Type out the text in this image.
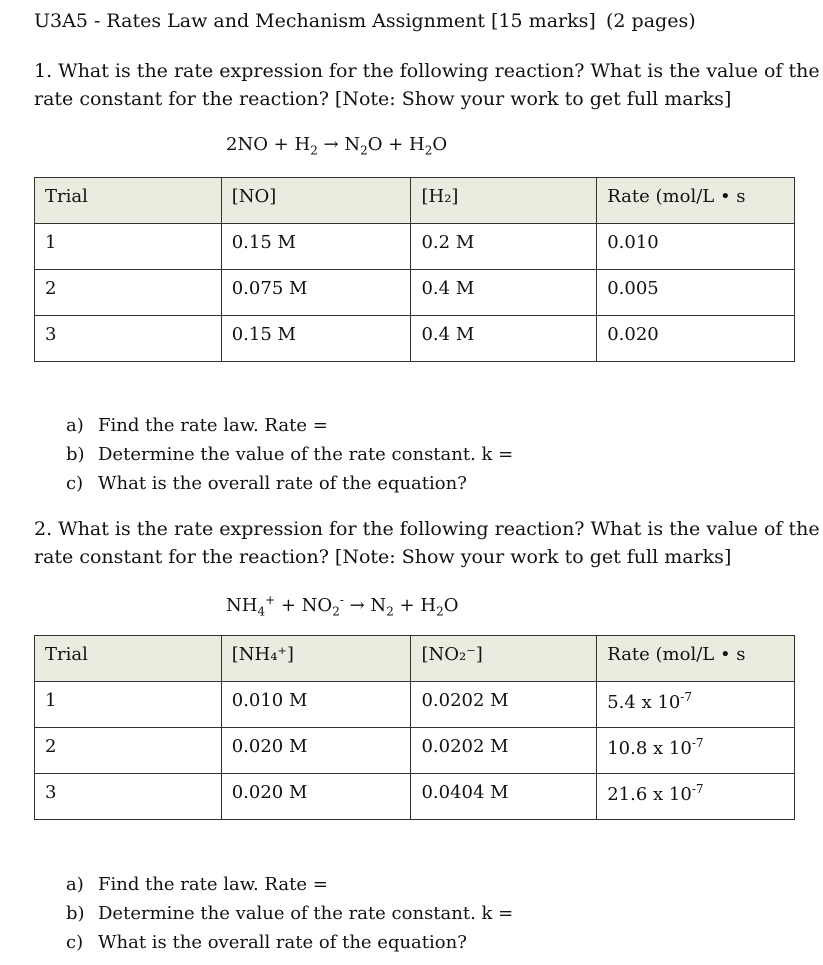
U3A5 - Rates Law and Mechanism Assignment [15 marks] (2 pages)
1. What is the rate expression for the following reaction? What is the value of the
rate constant for the reaction? [Note: Show your work to get full marks]
$2NO + H_2 \to N_2O + H_2O$
Trial	[NO]	[H₂]	Rate (mol/L • s
1	0.15 M	0.2 M	0.010
2	0.075 M	0.4 M	0.005
3	0.15 M	0.4 M	0.020
a) Find the rate law. Rate =
b) Determine the value of the rate constant. k =
c) What is the overall rate of the equation?
2. What is the rate expression for the following reaction? What is the value of the
rate constant for the reaction? [Note: Show your work to get full marks]
$NH_4^+ + NO_2^- \to N_2 + H_2O$
Trial	[NH₄⁺]	[NO₂⁻]	Rate (mol/L • s
1	0.010 M	0.0202 M	5.4 x $10^{-7}$
2	0.020 M	0.0202 M	10.8 x $10^{-7}$
3	0.020 M	0.0404 M	21.6 x $10^{-7}$
a) Find the rate law. Rate =
b) Determine the value of the rate constant. k =
c) What is the overall rate of the equation?
